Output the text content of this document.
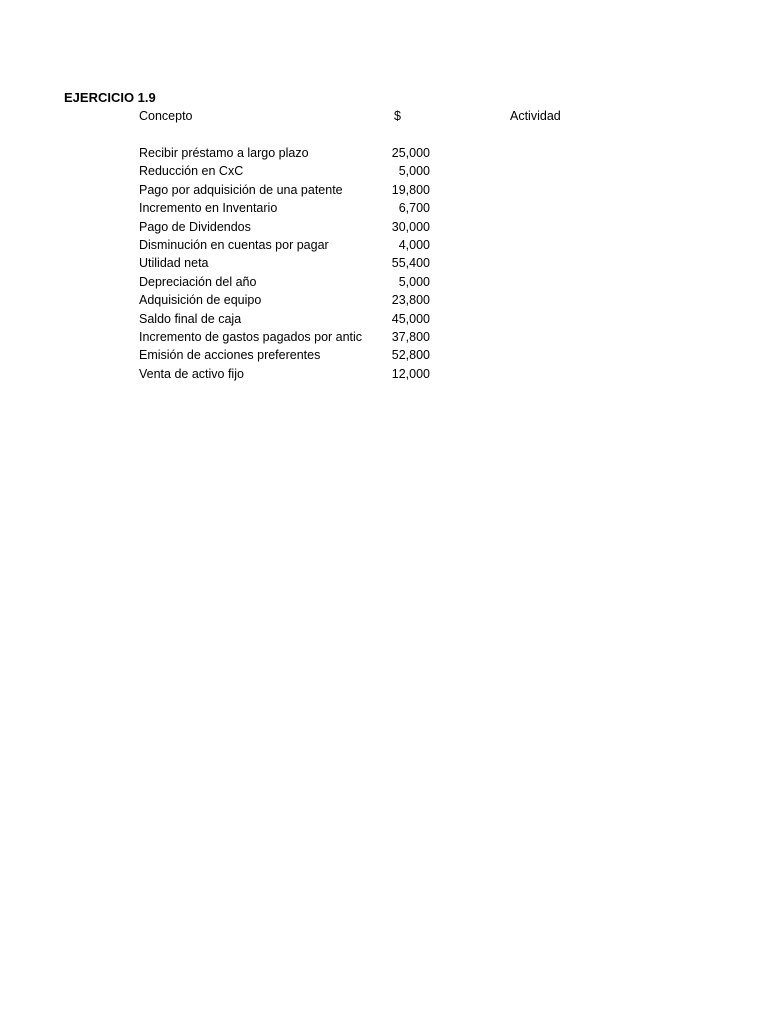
EJERCICIO 1.9
Concepto	$	Actividad
Recibir préstamo a largo plazo	25,000
Reducción en CxC	5,000
Pago por adquisición de una patente	19,800
Incremento en Inventario	6,700
Pago de Dividendos	30,000
Disminución en cuentas por pagar	4,000
Utilidad neta	55,400
Depreciación del año	5,000
Adquisición de equipo	23,800
Saldo final de caja	45,000
Incremento de gastos pagados por antic	37,800
Emisión de acciones preferentes	52,800
Venta de activo fijo	12,000
